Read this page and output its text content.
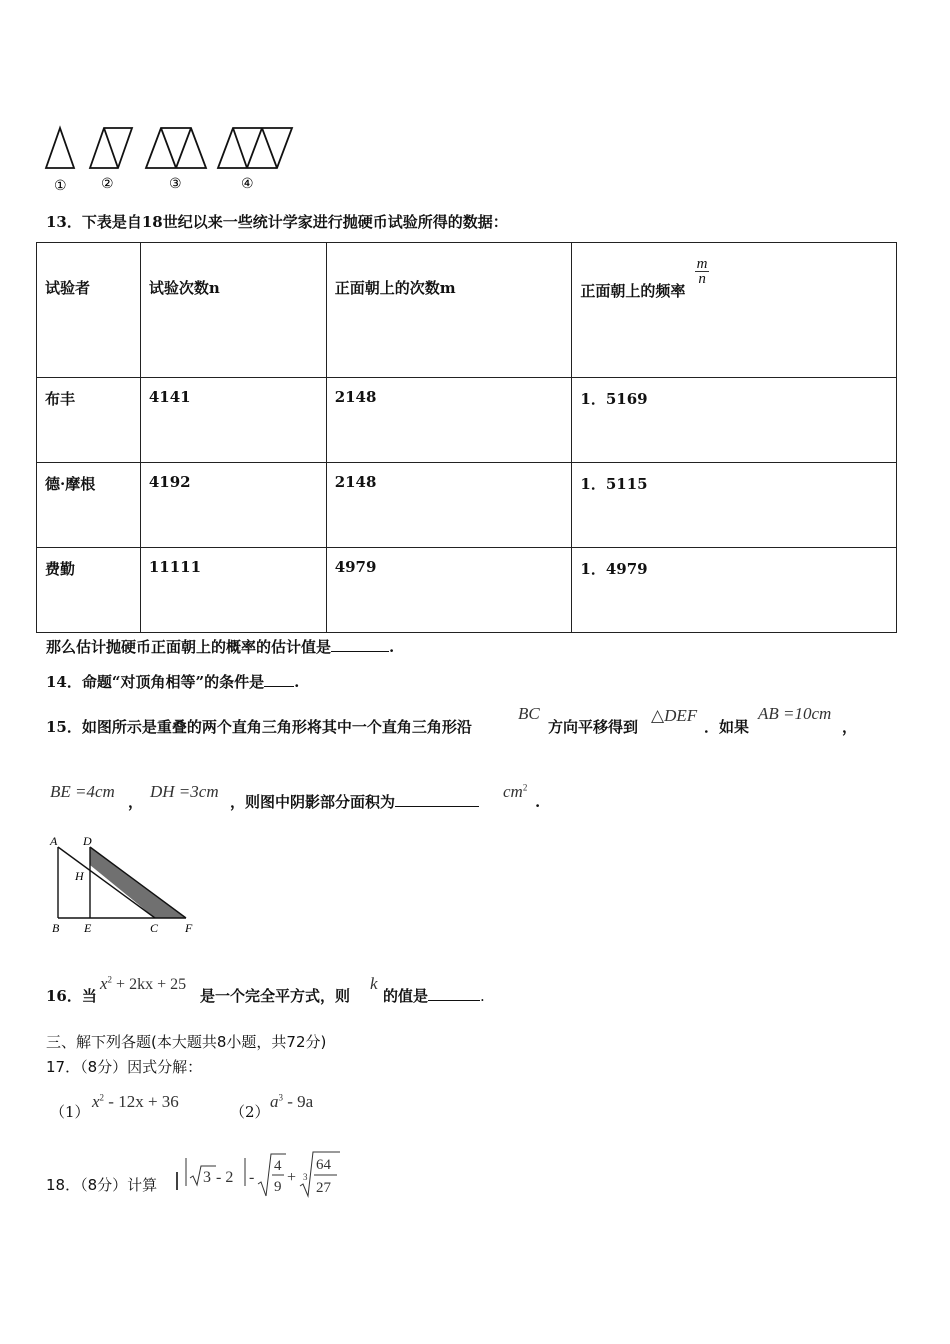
① ②	③	④
13．下表是自18世纪以来一些统计学家进行抛硬币试验所得的数据：
试验者	试验次数n	正面朝上的次数m	正面朝上的频率
$\frac{m}{n}$

布丰	4141	2148	1．5169

德·摩根	4192	2148	1．5115

费勤	11111	4979	1．4979
那么估计抛硬币正面朝上的概率的估计值是	.
14．命题“对顶角相等”的条件是 .
15．如图所示是重叠的两个直角三角形将其中一个直角三角形沿
BC
方向平移得到
△DEF
．如果
AB =10cm
，
BE =4cm
，
DH =3cm
，则图中阴影部分面积为
$cm^2$
.
A D
H
B E	C F
16．当
$x^2 + 2kx + 25$
是一个完全平方式，则
k
的值是	.
三、解下列各题(本大题共8小题，共72分)
17．（8分）因式分解：
（1）
$x^2 - 12x + 36$
（2）
$a^3 - 9a$
18．（8分）计算	3 - 2 -
4
9
+ 3
64
27
